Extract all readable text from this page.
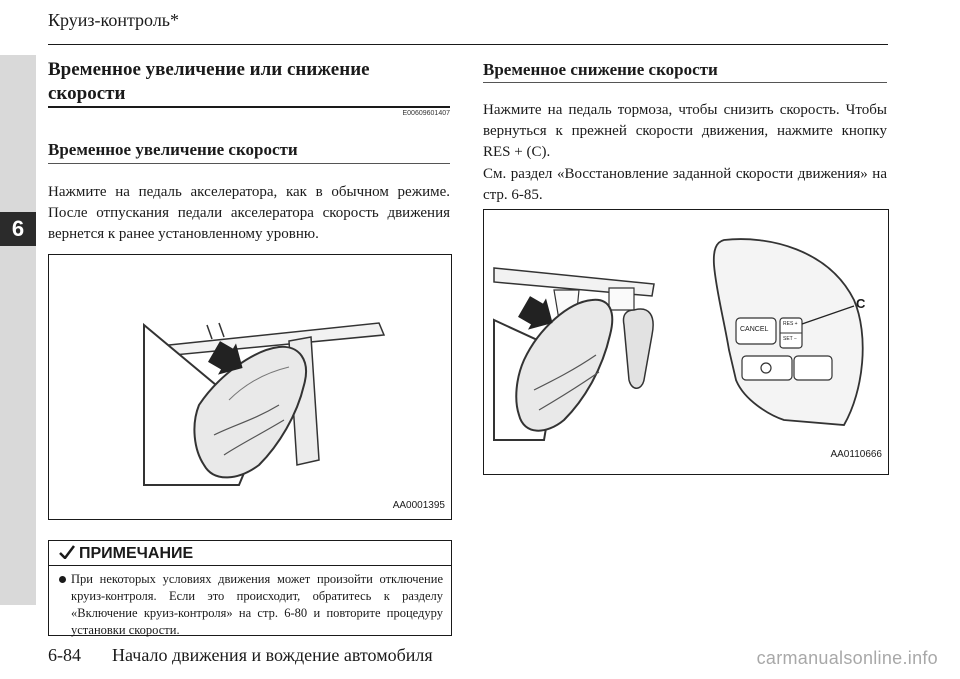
6
Круиз-контроль*
Временное увеличение или снижение скорости
E00609601407
Временное увеличение скорости
Нажмите на педаль акселератора, как в обычном режиме. После отпускания педали акселератора скорость движения вернется к ранее установленному уровню.
AA0001395
ПРИМЕЧАНИЕ
При некоторых условиях движения может произойти отключение круиз-контроля. Если это происходит, обратитесь к разделу «Включение круиз-контроля» на стр. 6-80 и повторите процедуру установки скорости.
Временное снижение скорости
Нажмите на педаль тормоза, чтобы снизить скорость. Чтобы вернуться к прежней скорости движения, нажмите кнопку RES + (C).
См. раздел «Восстановление заданной скорости движения» на стр. 6-85.
CANCEL
RES +
SET −
C
AA0110666
6-84 Начало движения и вождение автомобиля	carmanualsonline.info
